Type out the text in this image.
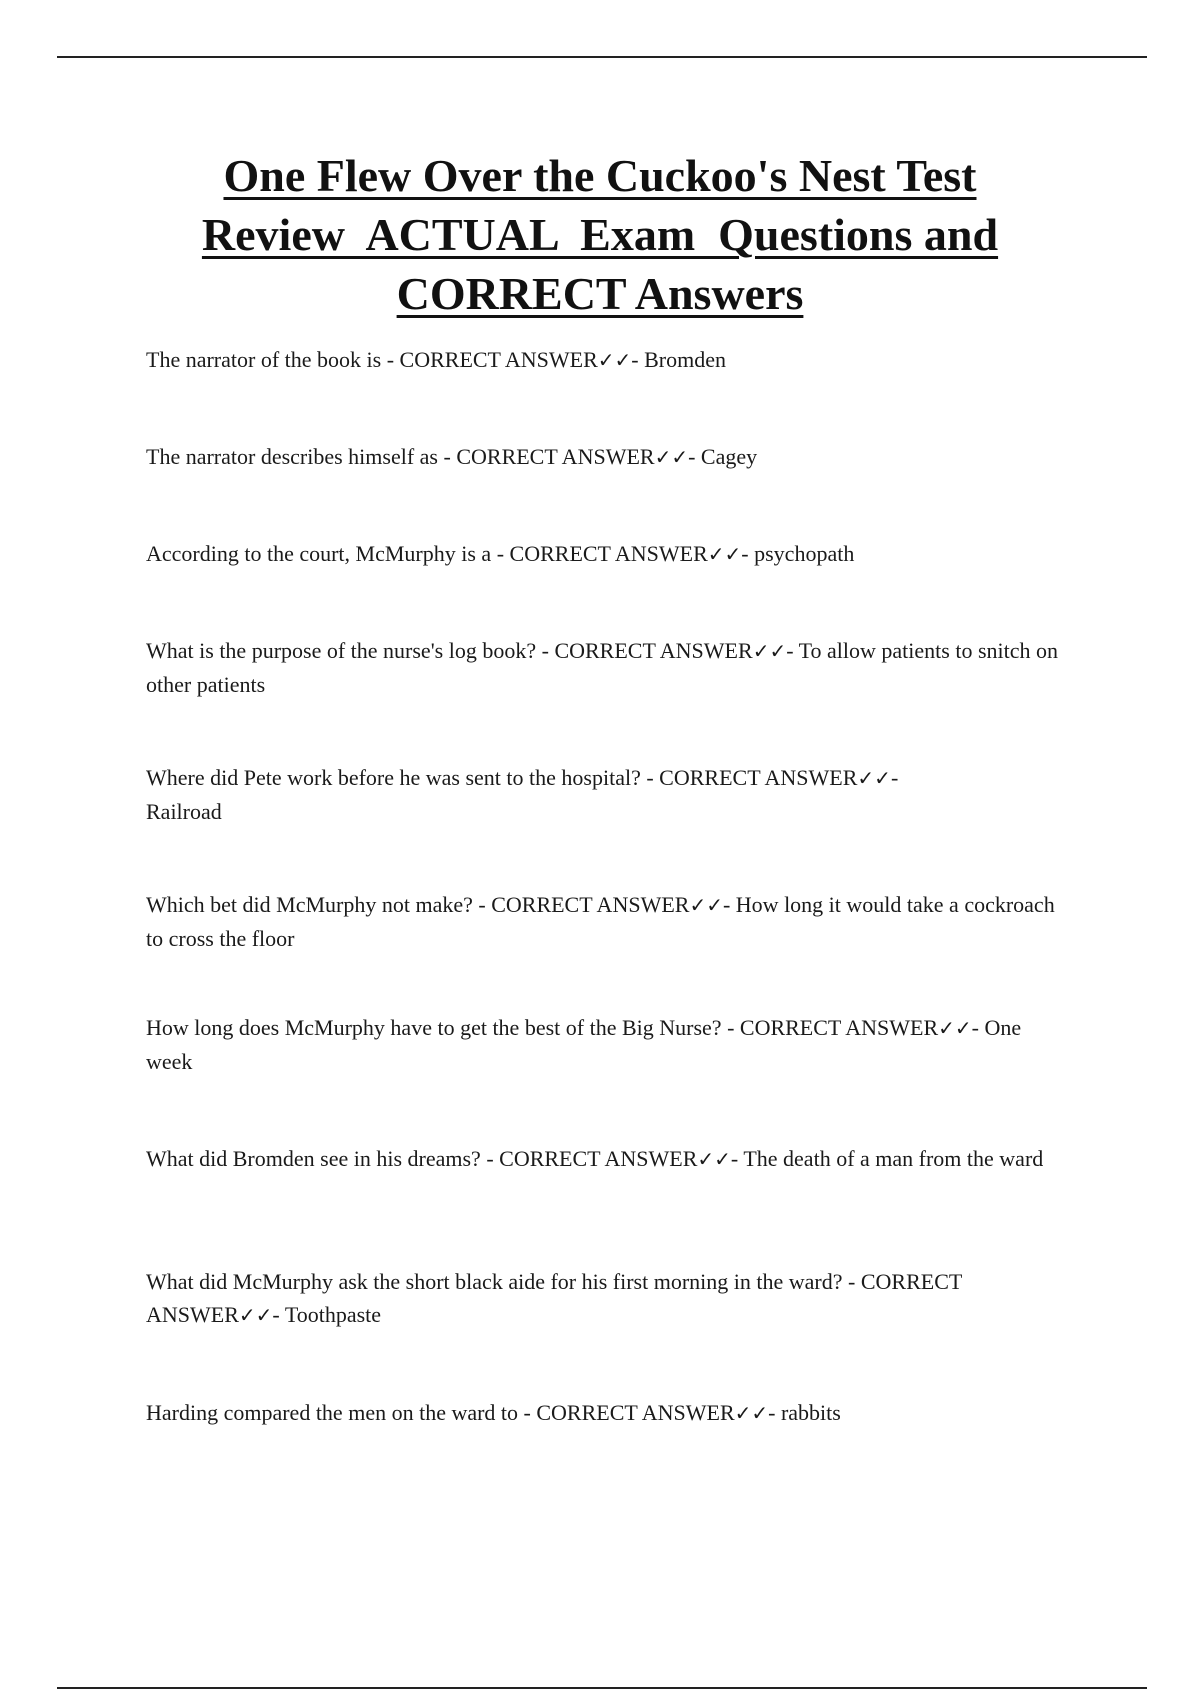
One Flew Over the Cuckoo's Nest Test
Review  ACTUAL  Exam  Questions and
CORRECT Answers
The narrator of the book is - CORRECT ANSWER✓✓- Bromden
The narrator describes himself as - CORRECT ANSWER✓✓- Cagey
According to the court, McMurphy is a - CORRECT ANSWER✓✓- psychopath
What is the purpose of the nurse's log book? - CORRECT ANSWER✓✓- To allow patients to snitch on other patients
Where did Pete work before he was sent to the hospital? - CORRECT ANSWER✓✓-
Railroad
Which bet did McMurphy not make? - CORRECT ANSWER✓✓- How long it would take a cockroach to cross the floor
How long does McMurphy have to get the best of the Big Nurse? - CORRECT ANSWER✓✓- One week
What did Bromden see in his dreams? - CORRECT ANSWER✓✓- The death of a man from the ward
What did McMurphy ask the short black aide for his first morning in the ward? - CORRECT ANSWER✓✓- Toothpaste
Harding compared the men on the ward to - CORRECT ANSWER✓✓- rabbits
